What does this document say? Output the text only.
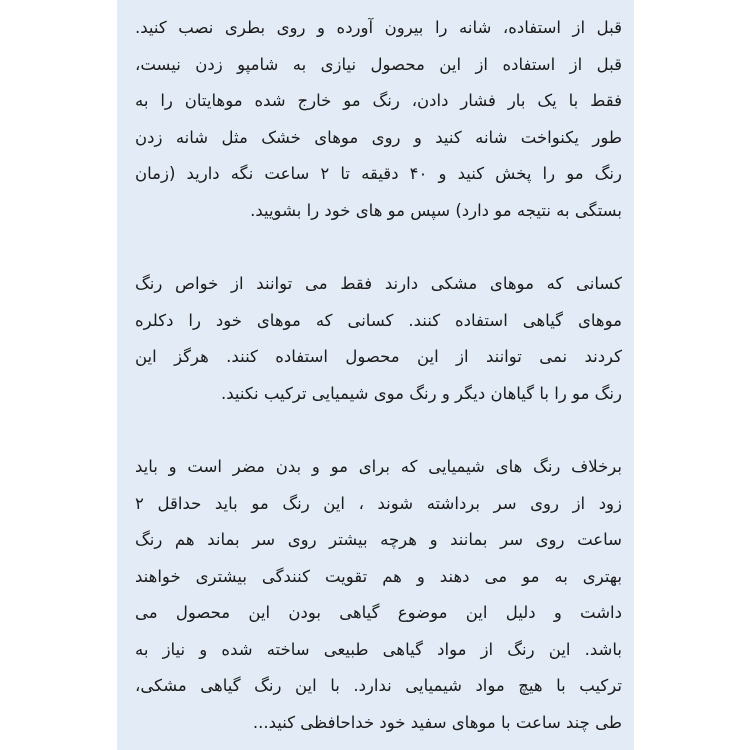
قبل از استفاده، شانه را بیرون آورده و روی بطری نصب کنید.
قبل از استفاده از این محصول نیازی به شامپو زدن نیست،
فقط با یک بار فشار دادن، رنگ مو خارج شده موهایتان را به
طور یکنواخت شانه کنید و روی موهای خشک مثل شانه زدن
رنگ مو را پخش کنید و ۴۰ دقیقه تا ۲ ساعت نگه دارید (زمان
بستگی به نتیجه مو دارد) سپس مو های خود را بشویید.
کسانی که موهای مشکی دارند فقط می توانند از خواص رنگ
موهای گیاهی استفاده کنند. کسانی که موهای خود را دکلره
کردند نمی توانند از این محصول استفاده کنند. هرگز این
رنگ مو را با گیاهان دیگر و رنگ موی شیمیایی ترکیب نکنید.
برخلاف رنگ های شیمیایی که برای مو و بدن مضر است و باید
زود از روی سر برداشته شوند ، این رنگ مو باید حداقل ۲
ساعت روی سر بمانند و هرچه بیشتر روی سر بماند هم رنگ
بهتری به مو می دهند و هم تقویت کنندگی بیشتری خواهند
داشت و دلیل این موضوع گیاهی بودن این محصول می
باشد. این رنگ از مواد گیاهی طبیعی ساخته شده و نیاز به
ترکیب با هیچ مواد شیمیایی ندارد. با این رنگ گیاهی مشکی،
طی چند ساعت با موهای سفید خود خداحافظی کنید...
